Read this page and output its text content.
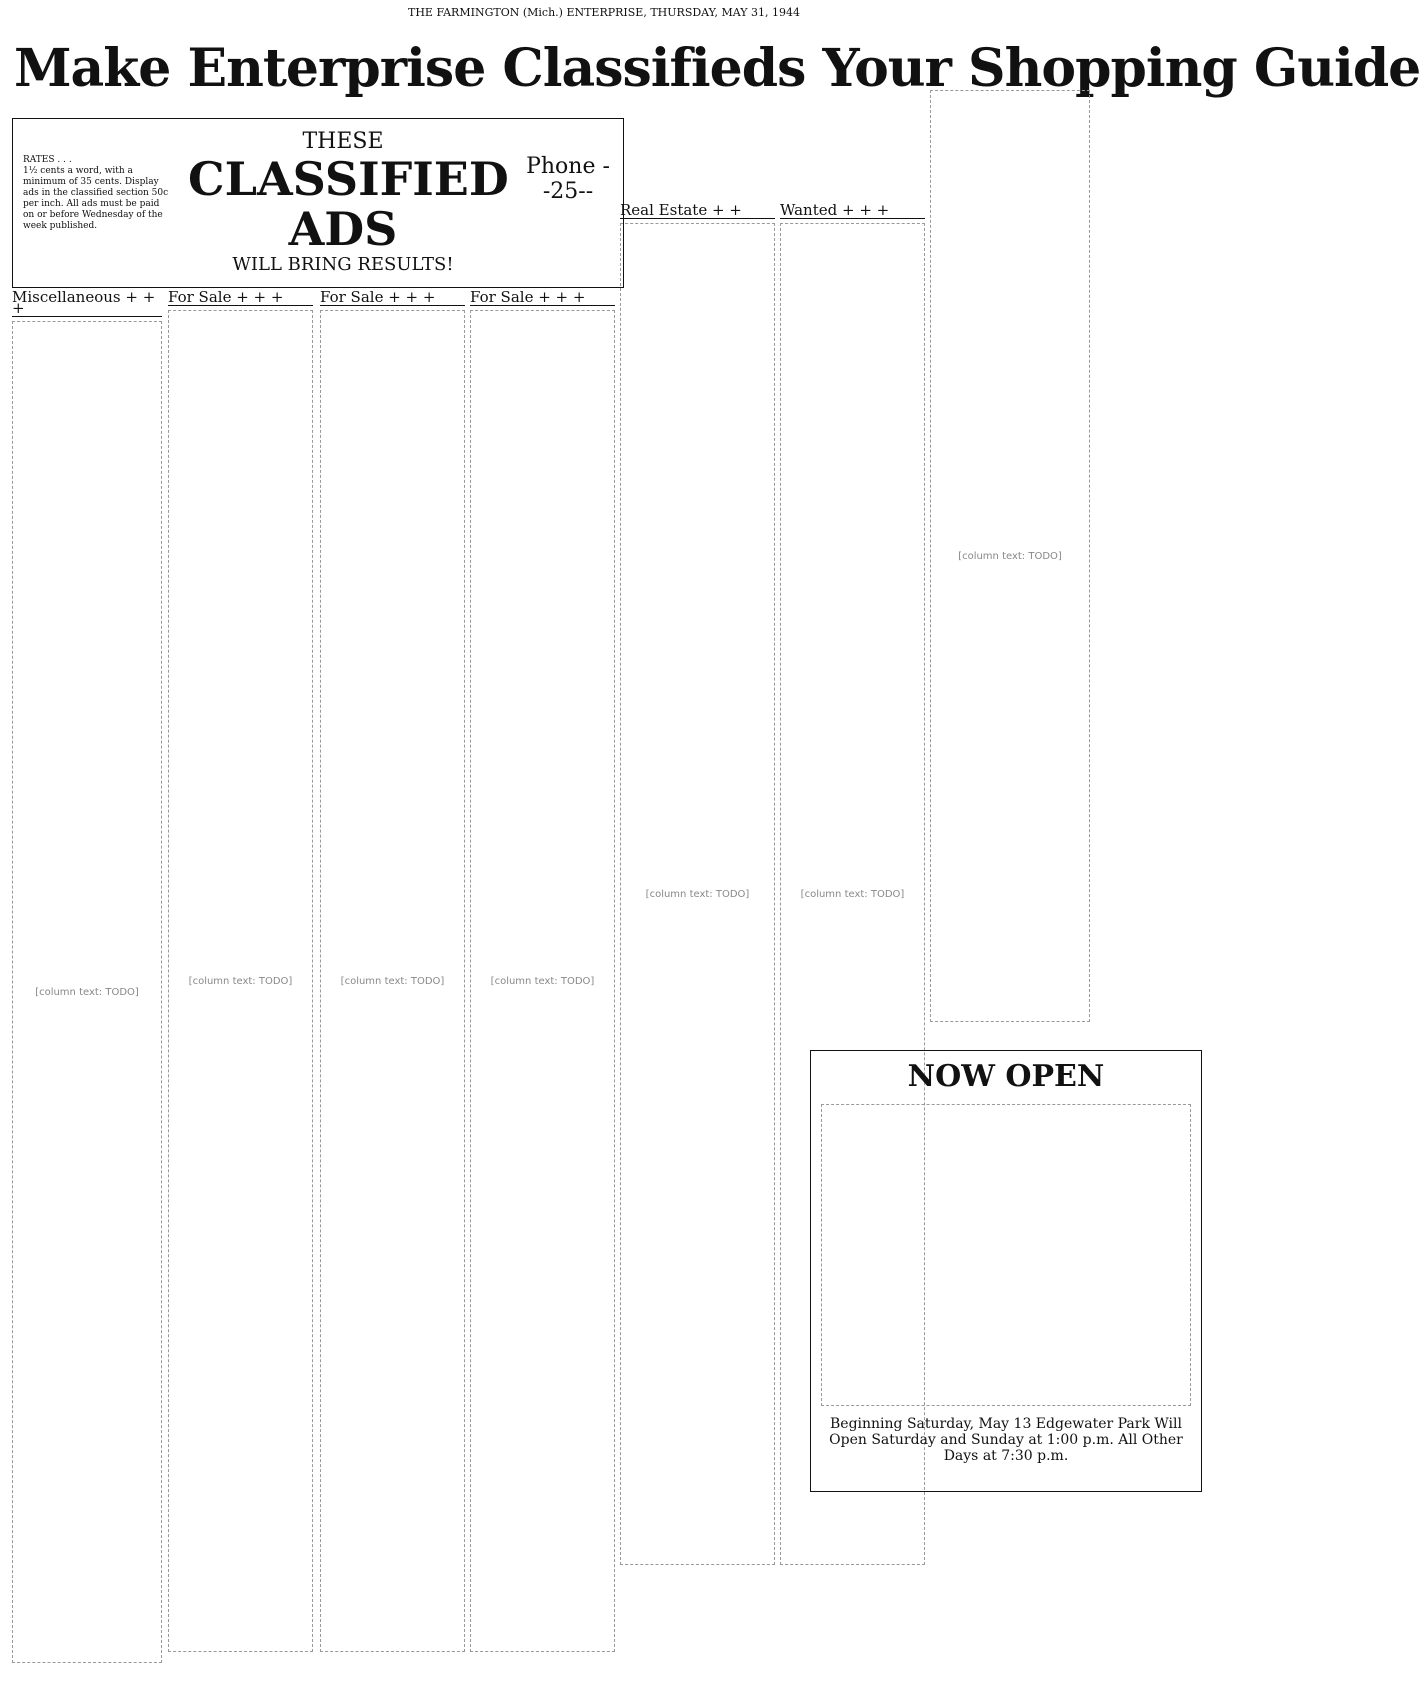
THE FARMINGTON (Mich.) ENTERPRISE, THURSDAY, MAY 31, 1944
Make Enterprise Classifieds Your Shopping Guide
RATES . . .
1½ cents a word, with a minimum of 35 cents. Display ads in the classified section 50c per inch. All ads must be paid on or before Wednesday of the week published.
THESE
CLASSIFIED ADS
WILL BRING RESULTS!
Phone --25--
Miscellaneous + + +
[column text: TODO]
For Sale + + +
[column text: TODO]
For Sale + + +
[column text: TODO]
For Sale + + +
[column text: TODO]
Real Estate + +
[column text: TODO]
Wanted + + +
[column text: TODO]
[column text: TODO]
NOW OPEN
Beginning Saturday, May 13 Edgewater Park Will Open Saturday and Sunday at 1:00 p.m. All Other Days at 7:30 p.m.
